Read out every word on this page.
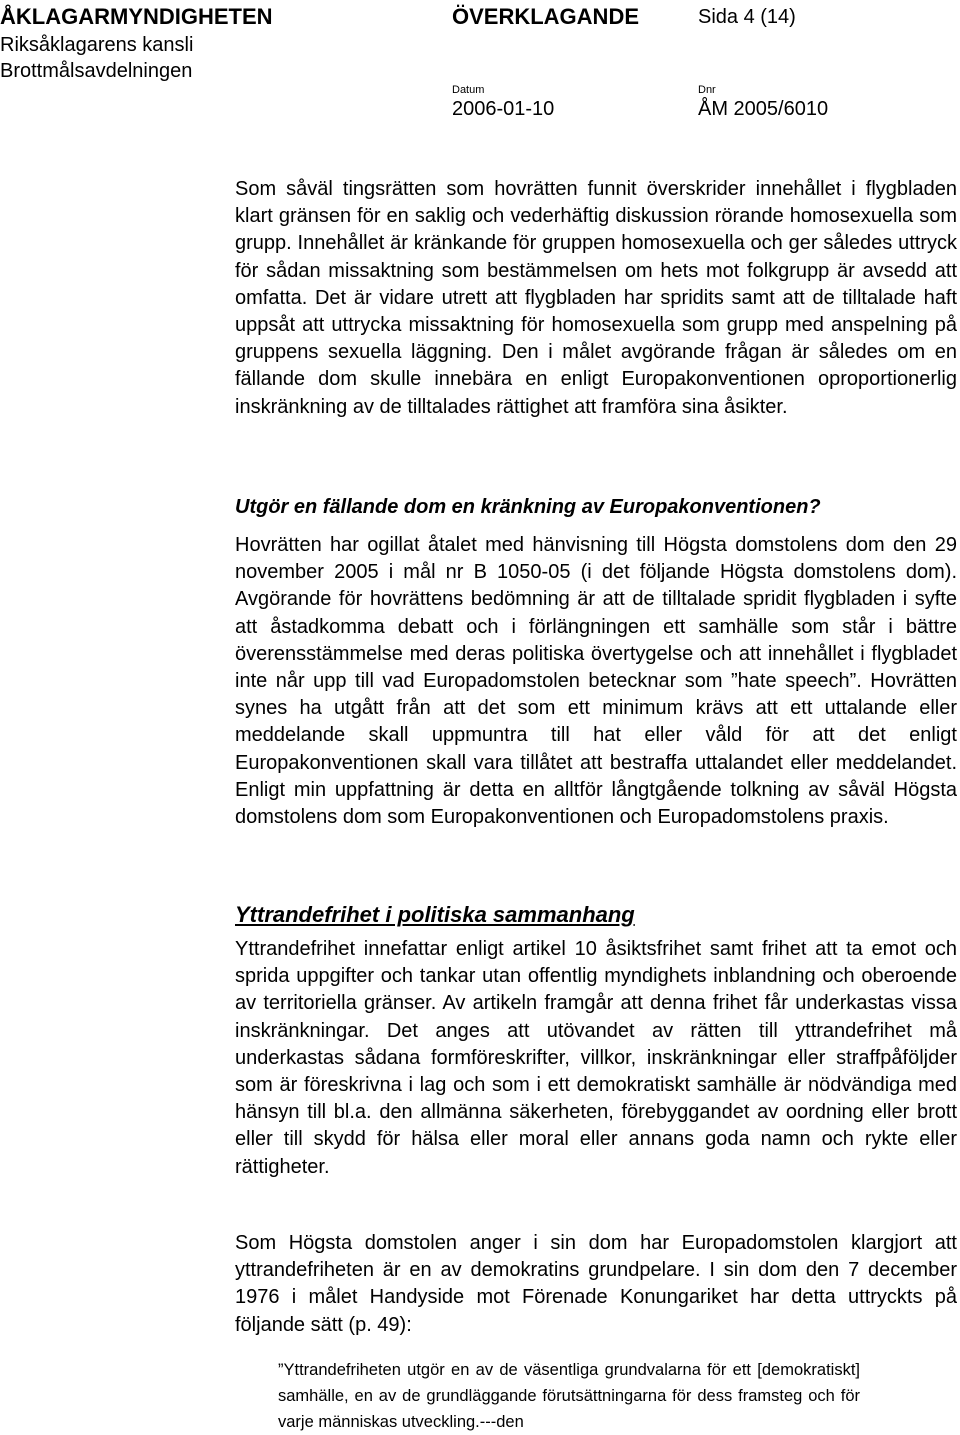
ÅKLAGARMYNDIGHETEN
Riksåklagarens kansli
Brottmålsavdelningen
ÖVERKLAGANDE	Sida 4 (14)
Datum
2006-01-10
Dnr
ÅM 2005/6010

Som såväl tingsrätten som hovrätten funnit överskrider innehållet i flygbladen klart gränsen för en saklig och vederhäftig diskussion rörande homosexuella som grupp. Innehållet är kränkande för gruppen homosexuella och ger således uttryck för sådan missaktning som bestämmelsen om hets mot folkgrupp är avsedd att omfatta. Det är vidare utrett att flygbladen har spridits samt att de tilltalade haft uppsåt att uttrycka missaktning för homosexuella som grupp med anspelning på gruppens sexuella läggning. Den i målet avgörande frågan är således om en fällande dom skulle innebära en enligt Europakonventionen oproportionerlig inskränkning av de tilltalades rättighet att framföra sina åsikter.

Utgör en fällande dom en kränkning av Europakonventionen?

Hovrätten har ogillat åtalet med hänvisning till Högsta domstolens dom den 29 november 2005 i mål nr B 1050-05 (i det följande Högsta domstolens dom). Avgörande för hovrättens bedömning är att de tilltalade spridit flygbladen i syfte att åstadkomma debatt och i förlängningen ett samhälle som står i bättre överensstämmelse med deras politiska övertygelse och att innehållet i flygbladet inte når upp till vad Europadomstolen betecknar som ”hate speech”. Hovrätten synes ha utgått från att det som ett minimum krävs att ett uttalande eller meddelande skall uppmuntra till hat eller våld för att det enligt Europakonventionen skall vara tillåtet att bestraffa uttalandet eller meddelandet. Enligt min uppfattning är detta en alltför långtgående tolkning av såväl Högsta domstolens dom som Europakonventionen och Europadomstolens praxis.

Yttrandefrihet i politiska sammanhang

Yttrandefrihet innefattar enligt artikel 10 åsiktsfrihet samt frihet att ta emot och sprida uppgifter och tankar utan offentlig myndighets inblandning och oberoende av territoriella gränser. Av artikeln framgår att denna frihet får underkastas vissa inskränkningar. Det anges att utövandet av rätten till yttrandefrihet må underkastas sådana formföreskrifter, villkor, inskränkningar eller straffpåföljder som är föreskrivna i lag och som i ett demokratiskt samhälle är nödvändiga med hänsyn till bl.a. den allmänna säkerheten, förebyggandet av oordning eller brott eller till skydd för hälsa eller moral eller annans goda namn och rykte eller rättigheter.

Som Högsta domstolen anger i sin dom har Europadomstolen klargjort att yttrandefriheten är en av demokratins grundpelare. I sin dom den 7 december 1976 i målet Handyside mot Förenade Konungariket har detta uttryckts på följande sätt (p. 49):

”Yttrandefriheten utgör en av de väsentliga grundvalarna för ett [demokratiskt] samhälle, en av de grundläggande förutsättningarna för dess framsteg och för varje människas utveckling.---den
